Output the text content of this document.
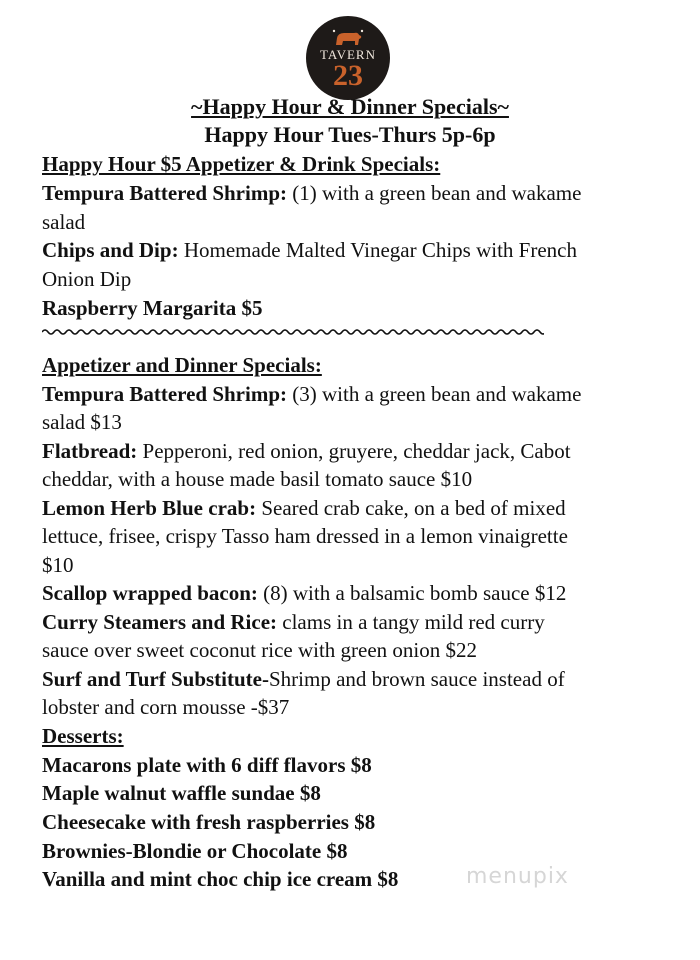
TAVERN
23
~Happy Hour & Dinner Specials~
Happy Hour Tues-Thurs 5p-6p
Happy Hour $5 Appetizer & Drink Specials:
Tempura Battered Shrimp: (1) with a green bean and wakame
salad
Chips and Dip: Homemade Malted Vinegar Chips with French
Onion Dip
Raspberry Margarita $5
Appetizer and Dinner Specials:
Tempura Battered Shrimp: (3) with a green bean and wakame
salad $13
Flatbread: Pepperoni, red onion, gruyere, cheddar jack, Cabot
cheddar, with a house made basil tomato sauce $10
Lemon Herb Blue crab: Seared crab cake, on a bed of mixed
lettuce, frisee, crispy Tasso ham dressed in a lemon vinaigrette
$10
Scallop wrapped bacon: (8) with a balsamic bomb sauce $12
Curry Steamers and Rice: clams in a tangy mild red curry
sauce over sweet coconut rice with green onion $22
Surf and Turf Substitute-Shrimp and brown sauce instead of
lobster and corn mousse -$37
Desserts:
Macarons plate with 6 diff flavors $8
Maple walnut waffle sundae $8
Cheesecake with fresh raspberries $8
Brownies-Blondie or Chocolate $8
Vanilla and mint choc chip ice cream $8	menupix
